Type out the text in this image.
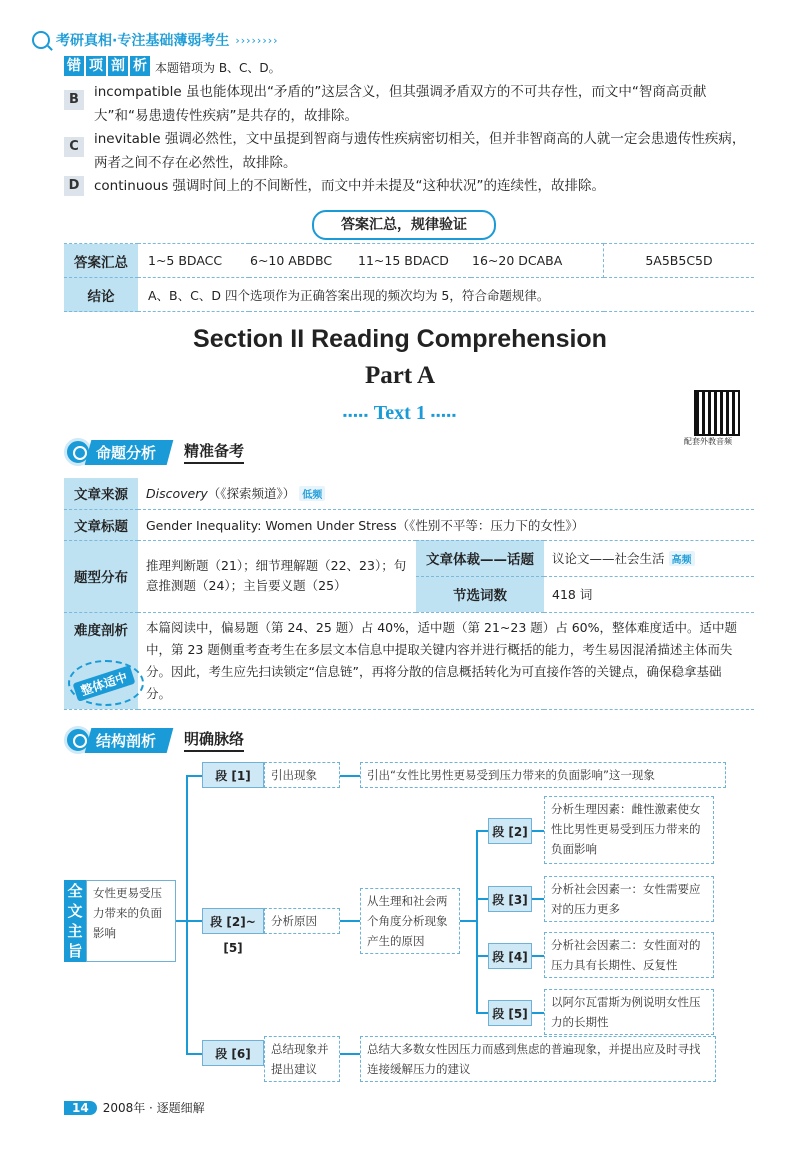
考研真相·专注基础薄弱考生 ››››››››
错 项 剖 析 本题错项为 B、C、D。
B	incompatible 虽也能体现出“矛盾的”这层含义，但其强调矛盾双方的不可共存性，而文中“智商高贡献大”和“易患遗传性疾病”是共存的，故排除。
C	inevitable 强调必然性，文中虽提到智商与遗传性疾病密切相关，但并非智商高的人就一定会患遗传性疾病，两者之间不存在必然性，故排除。
D	continuous 强调时间上的不间断性，而文中并未提及“这种状况”的连续性，故排除。
答案汇总，规律验证
答案汇总	1~5 BDACC	6~10 ABDBC	11~15 BDACD	16~20 DCABA	5A5B5C5D
结论	A、B、C、D 四个选项作为正确答案出现的频次均为 5，符合命题规律。				
Section II Reading Comprehension
Part A
▪▪▪▪▪ Text 1 ▪▪▪▪▪
配套外教音频
命题分析	精准备考
文章来源	Discovery（《探索频道》） 低频		
文章标题	Gender Inequality: Women Under Stress（《性别不平等：压力下的女性》）		
题型分布	推理判断题（21）；细节理解题（22、23）；句意推测题（24）；主旨要义题（25）	文章体裁——话题	议论文——社会生活 高频
		节选词数	418 词
难度剖析	本篇阅读中，偏易题（第 24、25 题）占 40%，适中题（第 21~23 题）占 60%，整体难度适中。适中题中，第 23 题侧重考查考生在多层文本信息中提取关键内容并进行概括的能力，考生易因混淆描述主体而失分。因此，考生应先扫读锁定“信息链”，再将分散的信息概括转化为可直接作答的关键点，确保稳拿基础分。		
整体适中
结构剖析	明确脉络
全文主旨
女性更易受压力带来的负面影响
段 [1]	引出现象	引出“女性比男性更易受到压力带来的负面影响”这一现象
段 [2]~[5]
分析原因
从生理和社会两个角度分析现象产生的原因
段 [2]
分析生理因素：雌性激素使女性比男性更易受到压力带来的负面影响
段 [3]
分析社会因素一：女性需要应对的压力更多
段 [4]
分析社会因素二：女性面对的压力具有长期性、反复性
段 [5]
以阿尔瓦雷斯为例说明女性压力的长期性
段 [6]	总结现象并提出建议
总结大多数女性因压力而感到焦虑的普遍现象，并提出应及时寻找连接缓解压力的建议
14	2008年 · 逐题细解
